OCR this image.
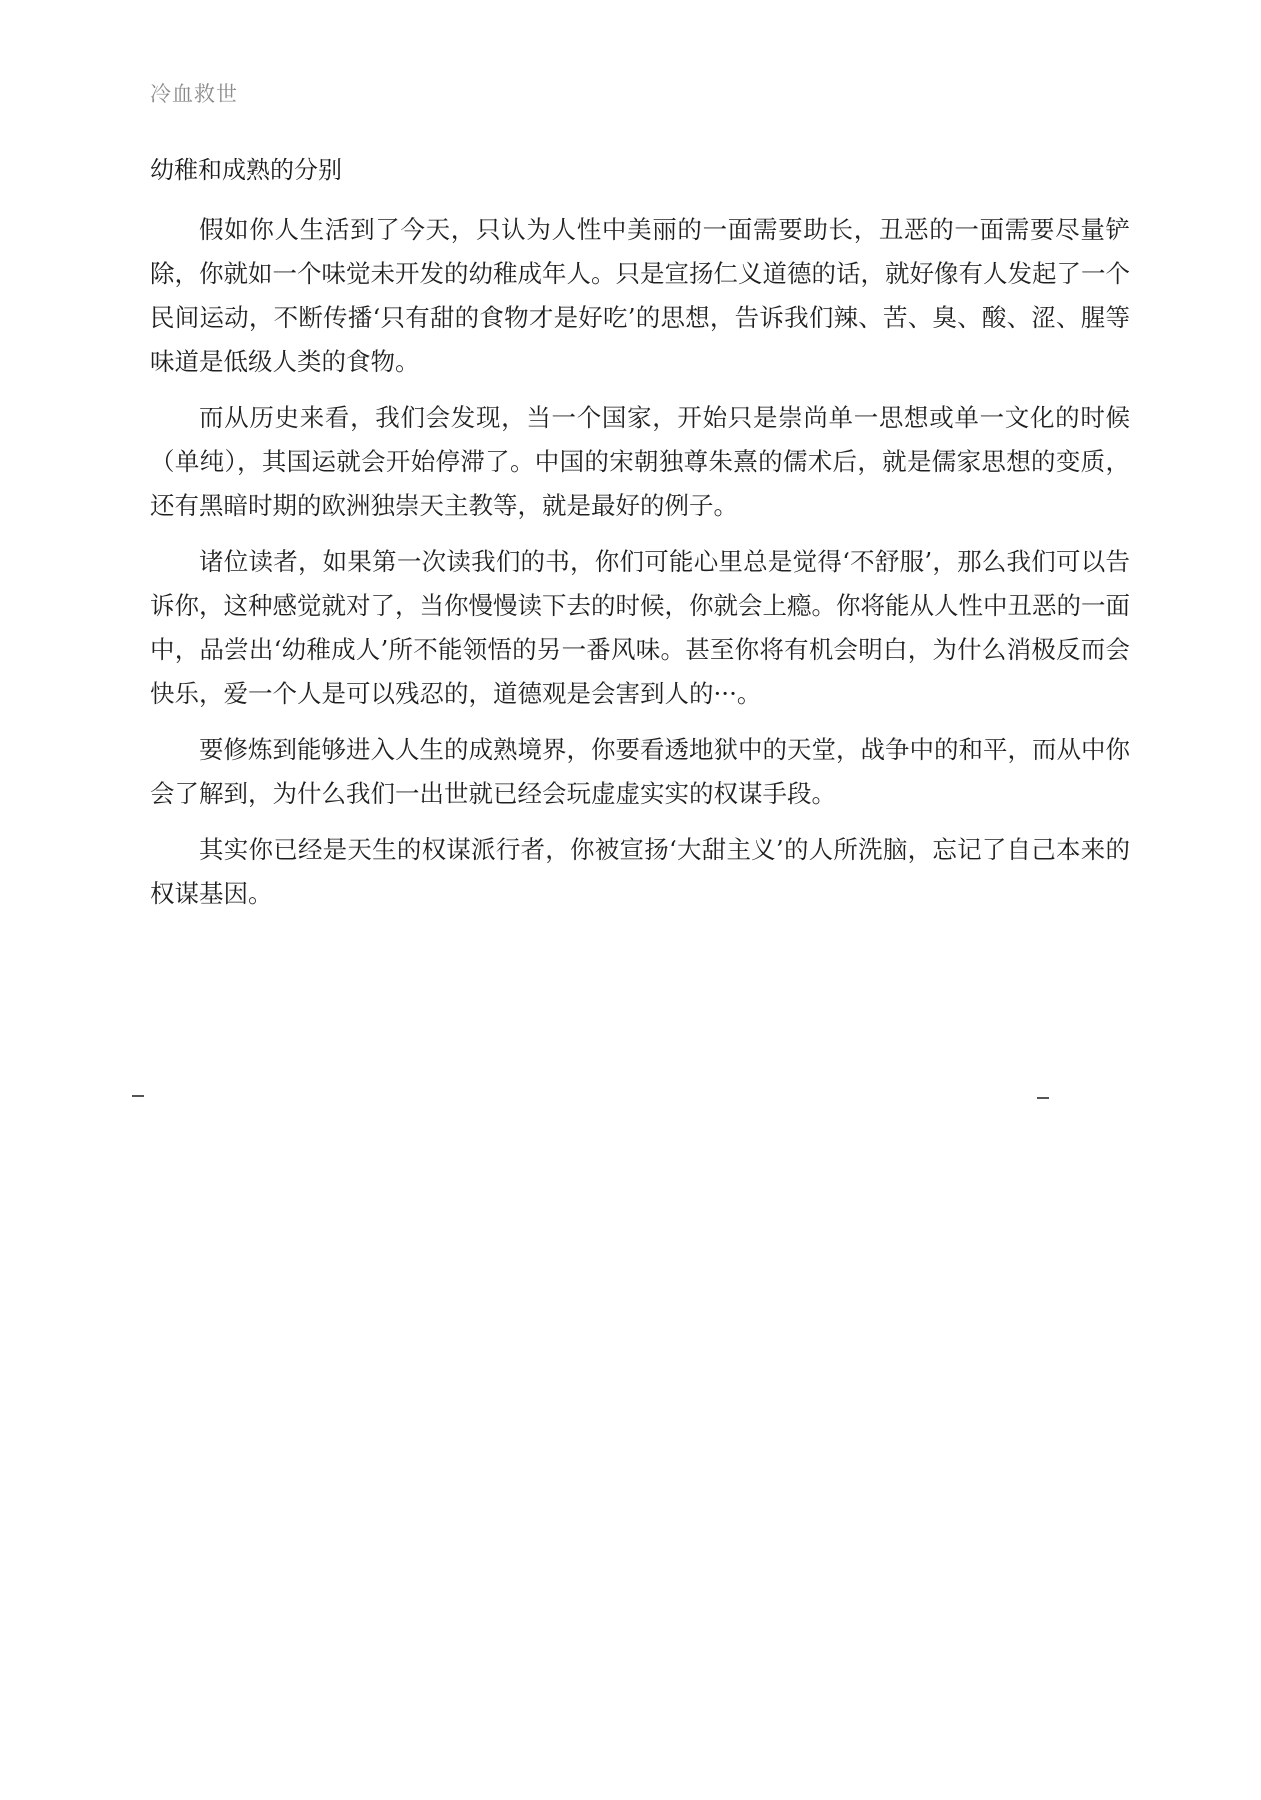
冷血救世
幼稚和成熟的分别

假如你人生活到了今天，只认为人性中美丽的一面需要助长，丑恶的一面需要尽量铲除，你就如一个味觉未开发的幼稚成年人。只是宣扬仁义道德的话，就好像有人发起了一个民间运动，不断传播‘只有甜的食物才是好吃’的思想，告诉我们辣、苦、臭、酸、涩、腥等味道是低级人类的食物。

而从历史来看，我们会发现，当一个国家，开始只是崇尚单一思想或单一文化的时候（单纯），其国运就会开始停滞了。中国的宋朝独尊朱熹的儒术后，就是儒家思想的变质，还有黑暗时期的欧洲独崇天主教等，就是最好的例子。

诸位读者，如果第一次读我们的书，你们可能心里总是觉得‘不舒服’，那么我们可以告诉你，这种感觉就对了，当你慢慢读下去的时候，你就会上瘾。你将能从人性中丑恶的一面中，品尝出‘幼稚成人’所不能领悟的另一番风味。甚至你将有机会明白，为什么消极反而会快乐，爱一个人是可以残忍的，道德观是会害到人的···。

要修炼到能够进入人生的成熟境界，你要看透地狱中的天堂，战争中的和平，而从中你会了解到，为什么我们一出世就已经会玩虚虚实实的权谋手段。

其实你已经是天生的权谋派行者，你被宣扬‘大甜主义’的人所洗脑，忘记了自己本来的权谋基因。
